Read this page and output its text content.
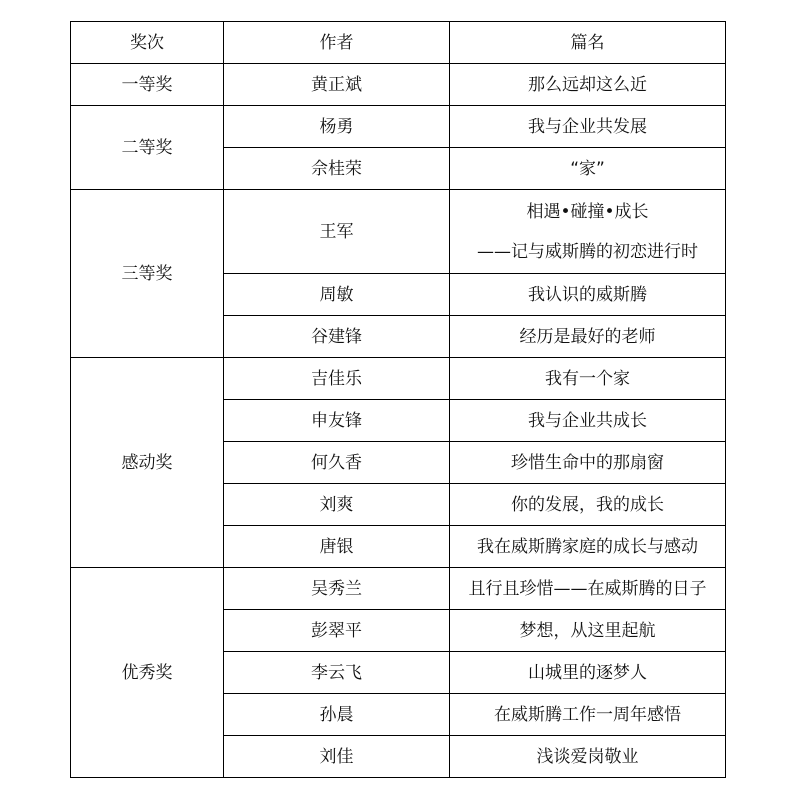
奖次	作者	篇名
一等奖	黄正斌	那么远却这么近
二等奖	杨勇	我与企业共发展
	佘桂荣	“家”
三等奖	王军	相遇•碰撞•成长
——记与威斯腾的初恋进行时

	周敏	我认识的威斯腾
	谷建锋	经历是最好的老师
感动奖	吉佳乐	我有一个家
	申友锋	我与企业共成长
	何久香	珍惜生命中的那扇窗
	刘爽	你的发展，我的成长
	唐银	我在威斯腾家庭的成长与感动
优秀奖	吴秀兰	且行且珍惜——在威斯腾的日子
	彭翠平	梦想，从这里起航
	李云飞	山城里的逐梦人
	孙晨	在威斯腾工作一周年感悟
	刘佳	浅谈爱岗敬业
